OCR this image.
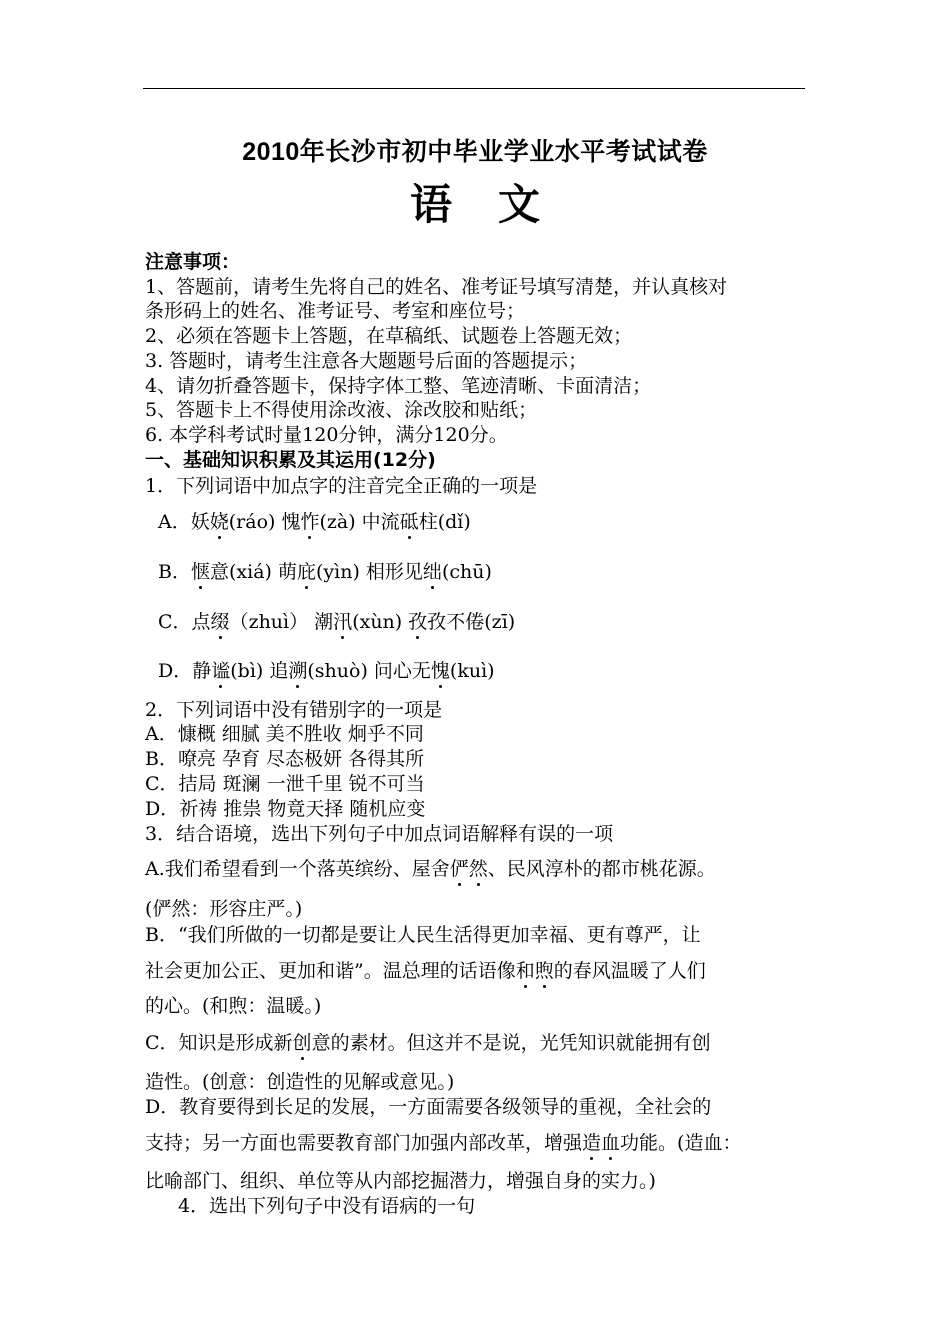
2010年长沙市初中毕业学业水平考试试卷
语 文
注意事项：
1、答题前，请考生先将自己的姓名、准考证号填写清楚，并认真核对
条形码上的姓名、准考证号、考室和座位号；
2、必须在答题卡上答题，在草稿纸、试题卷上答题无效；
3. 答题时，请考生注意各大题题号后面的答题提示；
4、请勿折叠答题卡，保持字体工整、笔迹清晰、卡面清洁；
5、答题卡上不得使用涂改液、涂改胶和贴纸；
6. 本学科考试时量120分钟，满分120分。
一、基础知识积累及其运用(12分)
1．下列词语中加点字的注音完全正确的一项是
A．妖娆(ráo) 愧怍(zà) 中流砥柱(dǐ)
B．惬意(xiá) 萌庇(yìn) 相形见绌(chū)
C．点缀（zhuì） 潮汛(xùn) 孜孜不倦(zī)
D．静谧(bì) 追溯(shuò) 问心无愧(kuì)
2．下列词语中没有错别字的一项是
A．慷概 细腻 美不胜收 炯乎不同
B．嘹亮 孕育 尽态极妍 各得其所
C．拮局 斑澜 一泄千里 锐不可当
D．祈祷 推祟 物竟天择 随机应变
3．结合语境，选出下列句子中加点词语解释有误的一项
A.我们希望看到一个落英缤纷、屋舍俨然、民风淳朴的都市桃花源。
(俨然：形容庄严。)
B．“我们所做的一切都是要让人民生活得更加幸福、更有尊严，让
社会更加公正、更加和谐”。温总理的话语像和煦的春风温暖了人们
的心。(和煦：温暖。)
C．知识是形成新创意的素材。但这并不是说，光凭知识就能拥有创
造性。(创意：创造性的见解或意见。)
D．教育要得到长足的发展，一方面需要各级领导的重视，全社会的
支持；另一方面也需要教育部门加强内部改革，增强造血功能。(造血：
比喻部门、组织、单位等从内部挖掘潜力，增强自身的实力。)
4．选出下列句子中没有语病的一句
